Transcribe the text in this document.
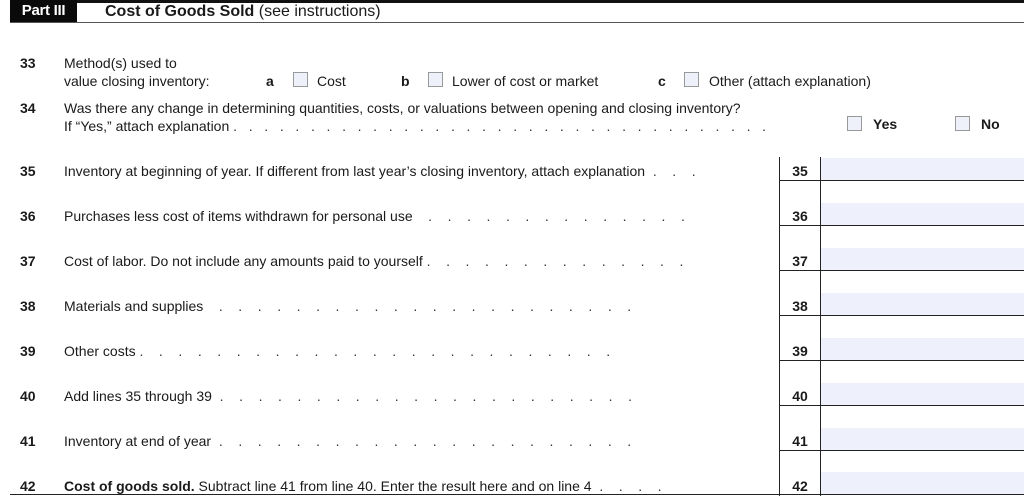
Part III	Cost of Goods Sold (see instructions)
33 Method(s) used to
value closing inventory:	a	Cost	b	Lower of cost or market	c	Other (attach explanation)
34 Was there any change in determining quantities, costs, or valuations between opening and closing inventory?
If “Yes,” attach explanation .   .   .   .   .   .   .   .   .   .   .   .   .   .   .   .   .   .   .   .   .   .   .   .   .   .   .   .   .   .   .   .   .   .   .	Yes	No
35 Inventory at beginning of year. If different from last year’s closing inventory, attach explanation  .    .    .	35
36 Purchases less cost of items withdrawn for personal use    .    .    .    .    .    .    .    .    .    .    .    .    .    .	36
37 Cost of labor. Do not include any amounts paid to yourself .    .    .    .    .    .    .    .    .    .    .    .    .    .	37
38 Materials and supplies    .    .    .    .    .    .    .    .    .    .    .    .    .    .    .    .    .    .    .    .    .    .	38
39 Other costs .    .    .    .    .    .    .    .    .    .    .    .    .    .    .    .    .    .    .    .    .    .    .    .    .	39
40 Add lines 35 through 39  .    .    .    .    .    .    .    .    .    .    .    .    .    .    .    .    .    .    .    .    .    .	40
41 Inventory at end of year  .    .    .    .    .    .    .    .    .    .    .    .    .    .    .    .    .    .    .    .    .    .	41
42 Cost of goods sold. Subtract line 41 from line 40. Enter the result here and on line 4  .    .    .    .	42
